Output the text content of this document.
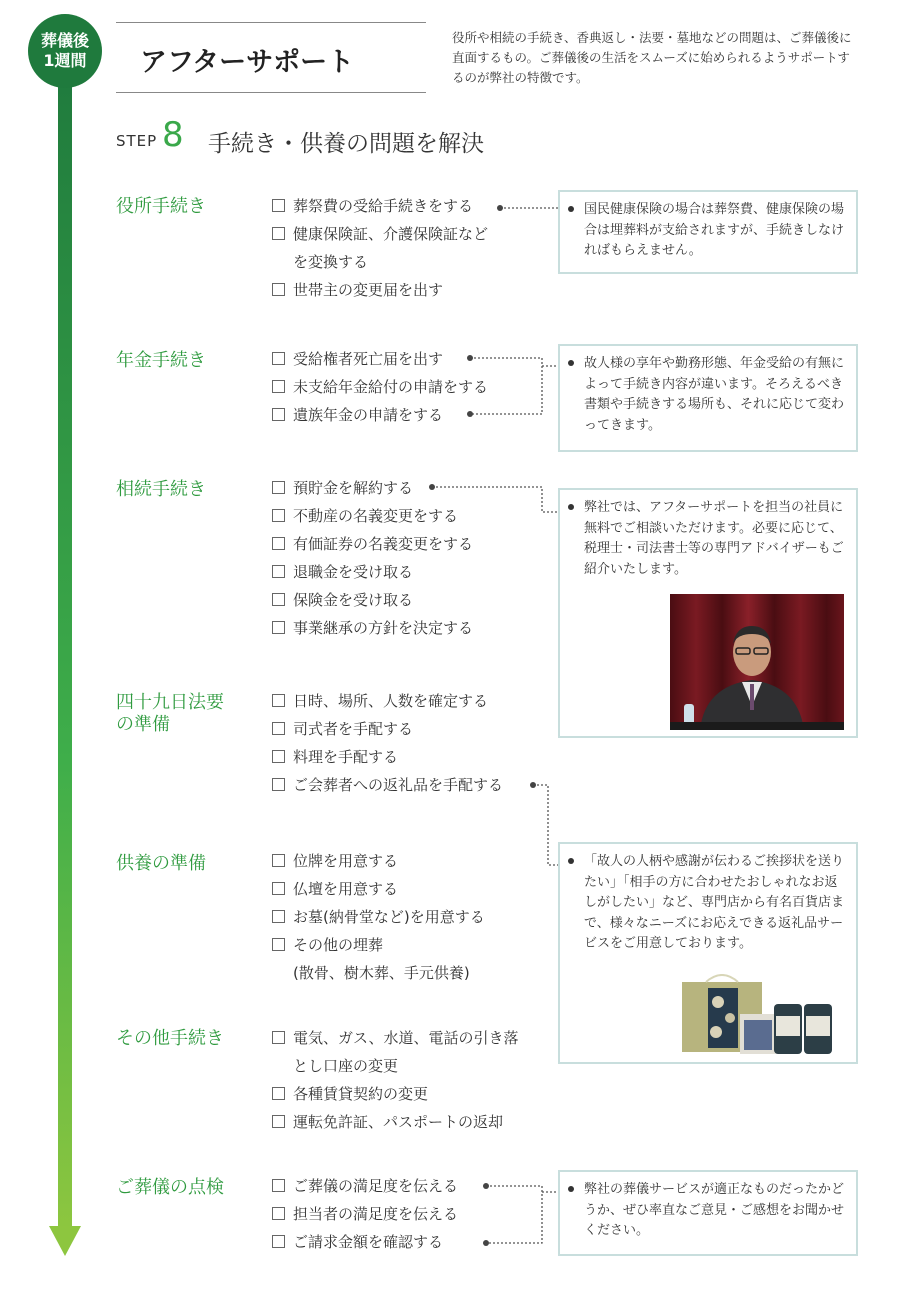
葬儀後
1週間	アフターサポート
役所や相続の手続き、香典返し・法要・墓地などの問題は、ご葬儀後に直面するもの。ご葬儀後の生活をスムーズに始められるようサポートするのが弊社の特徴です。
STEP 8 手続き・供養の問題を解決
役所手続き	葬祭費の受給手続きをする
健康保険証、介護保険証など
を変換する
世帯主の変更届を出す
国民健康保険の場合は葬祭費、健康保険の場合は埋葬料が支給されますが、手続きしなければもらえません。
年金手続き	受給権者死亡届を出す
未支給年金給付の申請をする
遺族年金の申請をする
故人様の享年や勤務形態、年金受給の有無によって手続き内容が違います。そろえるべき書類や手続きする場所も、それに応じて変わってきます。
相続手続き	預貯金を解約する
不動産の名義変更をする
有価証券の名義変更をする
退職金を受け取る
保険金を受け取る
事業継承の方針を決定する
弊社では、アフターサポートを担当の社員に無料でご相談いただけます。必要に応じて、税理士・司法書士等の専門アドバイザーもご紹介いたします。
四十九日法要
の準備
日時、場所、人数を確定する
司式者を手配する
料理を手配する
ご会葬者への返礼品を手配する
供養の準備	位牌を用意する
仏壇を用意する
お墓(納骨堂など)を用意する
その他の埋葬
(散骨、樹木葬、手元供養)
「故人の人柄や感謝が伝わるご挨拶状を送りたい」「相手の方に合わせたおしゃれなお返しがしたい」など、専門店から有名百貨店まで、様々なニーズにお応えできる返礼品サービスをご用意しております。
その他手続き	電気、ガス、水道、電話の引き落
とし口座の変更
各種賃貸契約の変更
運転免許証、パスポートの返却
ご葬儀の点検	ご葬儀の満足度を伝える
担当者の満足度を伝える
ご請求金額を確認する
弊社の葬儀サービスが適正なものだったかどうか、ぜひ率直なご意見・ご感想をお聞かせください。
